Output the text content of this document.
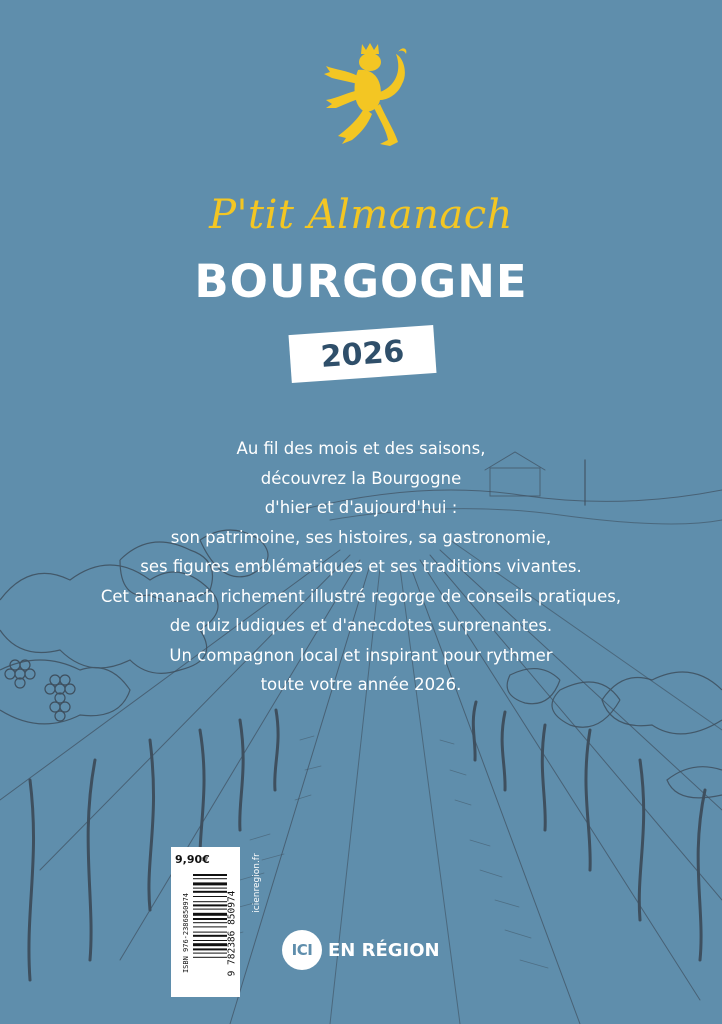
P'tit Almanach
BOURGOGNE
2026
Au fil des mois et des saisons,
découvrez la Bourgogne
d'hier et d'aujourd'hui :
son patrimoine, ses histoires, sa gastronomie,
ses figures emblématiques et ses traditions vivantes.
Cet almanach richement illustré regorge de conseils pratiques,
de quiz ludiques et d'anecdotes surprenantes.
Un compagnon local et inspirant pour rythmer
toute votre année 2026.
9,90€
ISBN 976-2386850974	9 782386 850974
icienregion.fr
ICI EN RÉGION
